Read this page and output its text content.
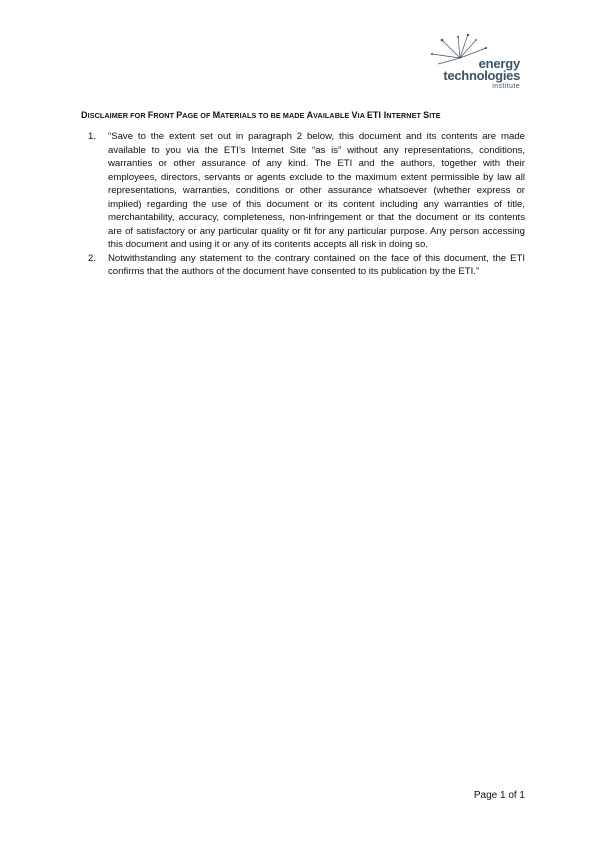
energy
technologies
institute
DISCLAIMER FOR FRONT PAGE OF MATERIALS TO BE MADE AVAILABLE VIA ETI INTERNET SITE
1. “Save to the extent set out in paragraph 2 below, this document and its contents are made available to you via the ETI’s Internet Site “as is” without any representations, conditions, warranties or other assurance of any kind. The ETI and the authors, together with their employees, directors, servants or agents exclude to the maximum extent permissible by law all representations, warranties, conditions or other assurance whatsoever (whether express or implied) regarding the use of this document or its content including any warranties of title, merchantability, accuracy, completeness, non-infringement or that the document or its contents are of satisfactory or any particular quality or fit for any particular purpose. Any person accessing this document and using it or any of its contents accepts all risk in doing so.
2. Notwithstanding any statement to the contrary contained on the face of this document, the ETI confirms that the authors of the document have consented to its publication by the ETI.”
Page 1 of 1
